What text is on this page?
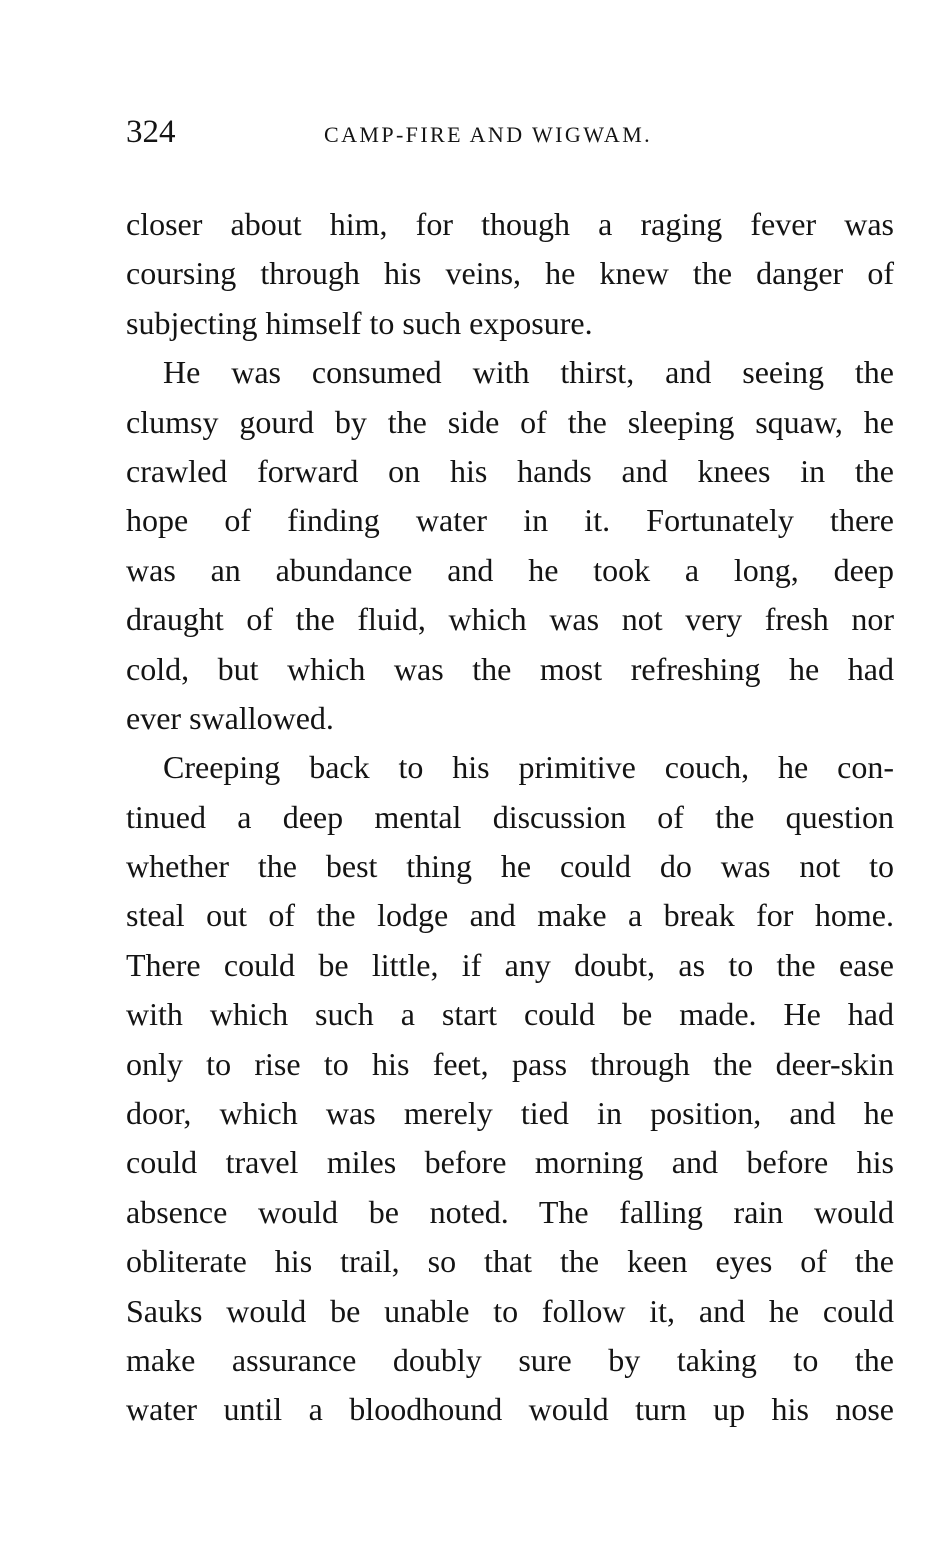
324	CAMP-FIRE AND WIGWAM.
closer about him, for though a raging fever was
coursing through his veins, he knew the danger of
subjecting himself to such exposure.
He was consumed with thirst, and seeing the
clumsy gourd by the side of the sleeping squaw, he
crawled forward on his hands and knees in the
hope of finding water in it. Fortunately there
was an abundance and he took a long, deep
draught of the fluid, which was not very fresh nor
cold, but which was the most refreshing he had
ever swallowed.
Creeping back to his primitive couch, he con-
tinued a deep mental discussion of the question
whether the best thing he could do was not to
steal out of the lodge and make a break for home.
There could be little, if any doubt, as to the ease
with which such a start could be made. He had
only to rise to his feet, pass through the deer-skin
door, which was merely tied in position, and he
could travel miles before morning and before his
absence would be noted. The falling rain would
obliterate his trail, so that the keen eyes of the
Sauks would be unable to follow it, and he could
make assurance doubly sure by taking to the
water until a bloodhound would turn up his nose
